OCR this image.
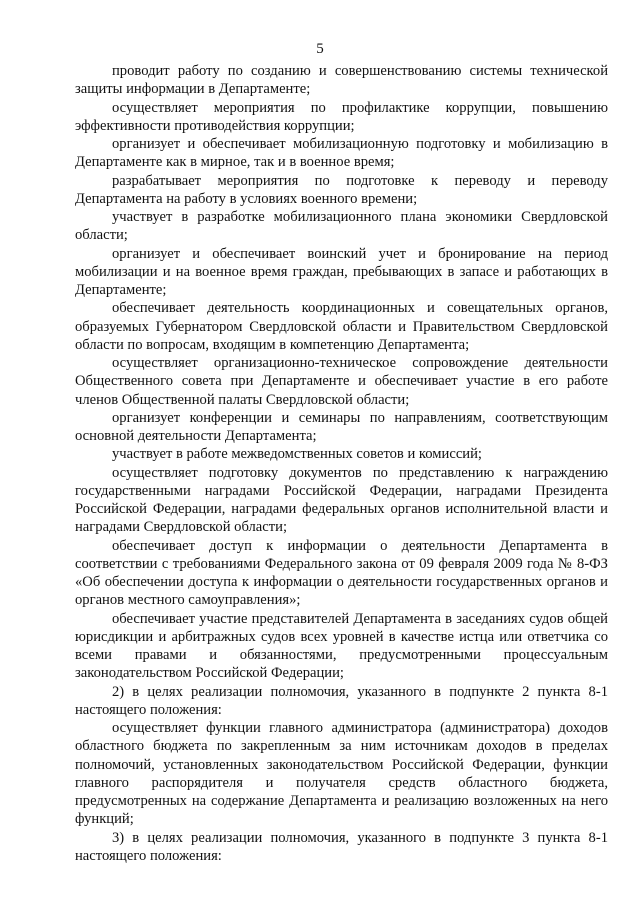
5

проводит работу по созданию и совершенствованию системы технической защиты информации в Департаменте;

осуществляет мероприятия по профилактике коррупции, повышению эффективности противодействия коррупции;

организует и обеспечивает мобилизационную подготовку и мобилизацию в Департаменте как в мирное, так и в военное время;

разрабатывает мероприятия по подготовке к переводу и переводу Департамента на работу в условиях военного времени;

участвует в разработке мобилизационного плана экономики Свердловской области;

организует и обеспечивает воинский учет и бронирование на период мобилизации и на военное время граждан, пребывающих в запасе и работающих в Департаменте;

обеспечивает деятельность координационных и совещательных органов, образуемых Губернатором Свердловской области и Правительством Свердловской области по вопросам, входящим в компетенцию Департамента;

осуществляет организационно-техническое сопровождение деятельности Общественного совета при Департаменте и обеспечивает участие в его работе членов Общественной палаты Свердловской области;

организует конференции и семинары по направлениям, соответствующим основной деятельности Департамента;

участвует в работе межведомственных советов и комиссий;

осуществляет подготовку документов по представлению к награждению государственными наградами Российской Федерации, наградами Президента Российской Федерации, наградами федеральных органов исполнительной власти и наградами Свердловской области;

обеспечивает доступ к информации о деятельности Департамента в соответствии с требованиями Федерального закона от 09 февраля 2009 года № 8-ФЗ «Об обеспечении доступа к информации о деятельности государственных органов и органов местного самоуправления»;

обеспечивает участие представителей Департамента в заседаниях судов общей юрисдикции и арбитражных судов всех уровней в качестве истца или ответчика со всеми правами и обязанностями, предусмотренными процессуальным законодательством Российской Федерации;

2) в целях реализации полномочия, указанного в подпункте 2 пункта 8-1 настоящего положения:

осуществляет функции главного администратора (администратора) доходов областного бюджета по закрепленным за ним источникам доходов в пределах полномочий, установленных законодательством Российской Федерации, функции главного распорядителя и получателя средств областного бюджета, предусмотренных на содержание Департамента и реализацию возложенных на него функций;

3) в целях реализации полномочия, указанного в подпункте 3 пункта 8-1 настоящего положения:
